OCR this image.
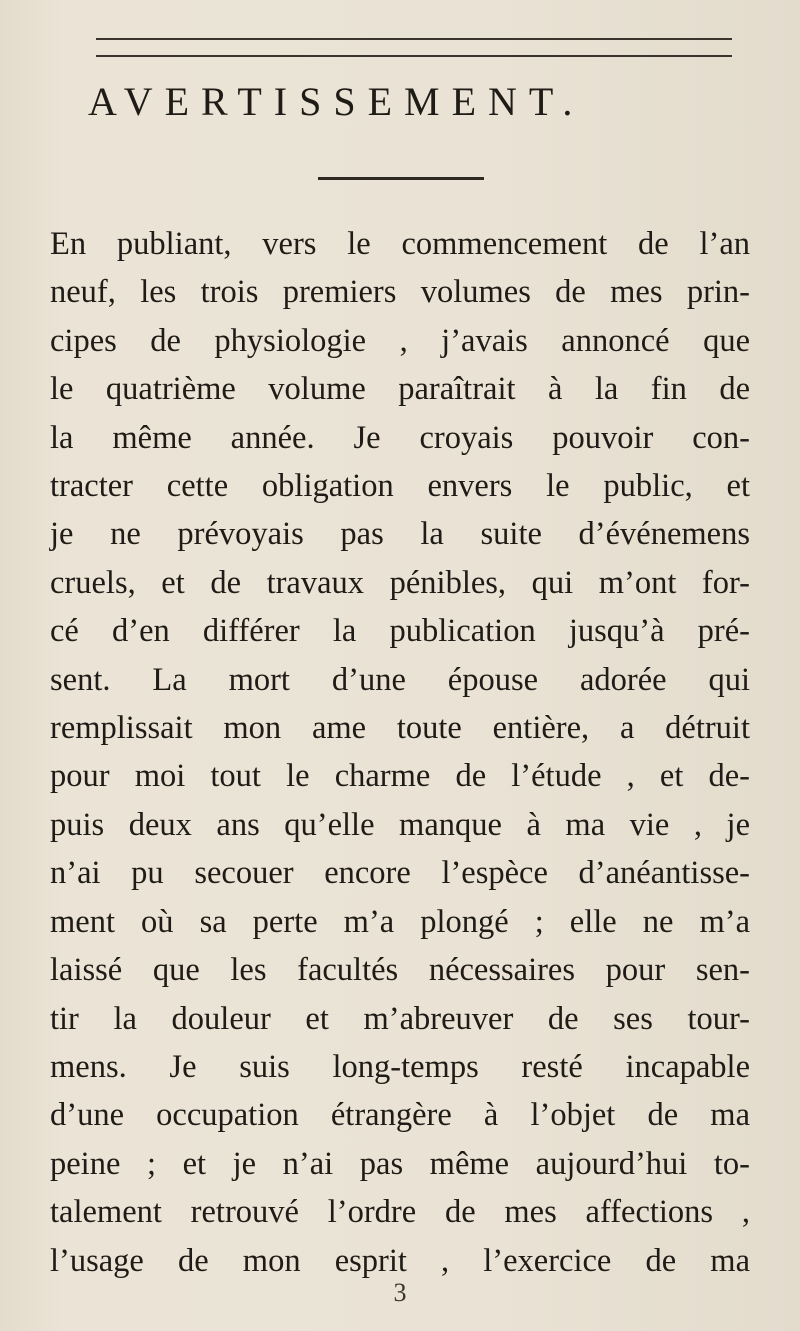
AVERTISSEMENT.
En publiant, vers le commencement de l’an
neuf, les trois premiers volumes de mes prin-
cipes de physiologie , j’avais annoncé que
le quatrième volume paraîtrait à la fin de
la même année. Je croyais pouvoir con-
tracter cette obligation envers le public, et
je ne prévoyais pas la suite d’événemens
cruels, et de travaux pénibles, qui m’ont for-
cé d’en différer la publication jusqu’à pré-
sent. La mort d’une épouse adorée qui
remplissait mon ame toute entière, a détruit
pour moi tout le charme de l’étude , et de-
puis deux ans qu’elle manque à ma vie , je
n’ai pu secouer encore l’espèce d’anéantisse-
ment où sa perte m’a plongé ; elle ne m’a
laissé que les facultés nécessaires pour sen-
tir la douleur et m’abreuver de ses tour-
mens. Je suis long-temps resté incapable
d’une occupation étrangère à l’objet de ma
peine ; et je n’ai pas même aujourd’hui to-
talement retrouvé l’ordre de mes affections ,
l’usage de mon esprit , l’exercice de ma
3
